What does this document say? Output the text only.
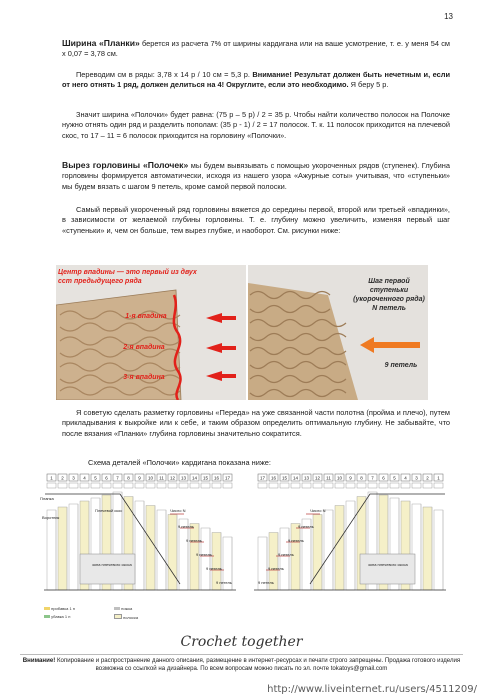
13
Ширина «Планки» берется из расчета 7% от ширины кардигана или на ваше усмотрение, т. е. у меня 54 см х 0,07 = 3,78 см.
Переводим см в ряды: 3,78 х 14 р / 10 см = 5,3 р. Внимание! Результат должен быть нечетным и, если от него отнять 1 ряд, должен делиться на 4! Округлите, если это необходимо. Я беру 5 р.
Значит ширина «Полочки» будет равна: (75 р – 5 р) / 2 = 35 р. Чтобы найти количество полосок на Полочке нужно отнять один ряд и разделить пополам: (35 р - 1) / 2 = 17 полосок. Т. к. 11 полосок приходится на плечевой скос, то 17 – 11 = 6 полосок приходится на горловину «Полочки».
Вырез горловины «Полочек» мы будем вывязывать с помощью укороченных рядов (ступенек). Глубина горловины формируется автоматически, исходя из нашего узора «Ажурные соты» учитывая, что «ступеньки» мы будем вязать с шагом 9 петель, кроме самой первой полоски.
Самый первый укороченный ряд горловины вяжется до середины первой, второй или третьей «впадинки», в зависимости от желаемой глубины горловины. Т. е. глубину можно увеличить, изменяя первый шаг «ступеньки» и, чем он больше, тем вырез глубже, и наоборот. См. рисунки ниже:
Центр впадины — это первый из двух сст предыдущего ряда
1-я впадина
2-я впадина
3-я впадина
Шаг первой ступеньки (укороченного ряда) N петель
9 петель
Я советую сделать разметку горловины «Переда» на уже связанной части полотна (пройма и плечо), путем прикладывания к выкройке или к себе, и таким образом определить оптимальную глубину. Не забывайте, что после вязания «Планки» глубина горловины значительно сократится.
Схема деталей «Полочки» кардигана показана ниже:
1 2 3 4 5 6 7 8 9 10 11 12 13 14 15 16 17
Планка
Воротник
Плечевой скос
зона плечевого скоса
Число N
9 петель
9 петель
9 петель
9 петель
9 петель
1
2
3
4
5
6
7
8
9
10
11
12
13
14
15
16
17
зона плечевого скоса
Число N
9 петель
9 петель
9 петель
9 петель
9 петель
прибавка 1 п
убавка 1 п
ножка
полоска
Crochet together
Внимание! Копирование и распространение данного описания, размещение в интернет-ресурсах и печати строго запрещены. Продажа готового изделия возможна со ссылкой на дизайнера. По всем вопросам можно писать по эл. почте tokatoys@gmail.com
http://www.liveinternet.ru/users/4511209/
